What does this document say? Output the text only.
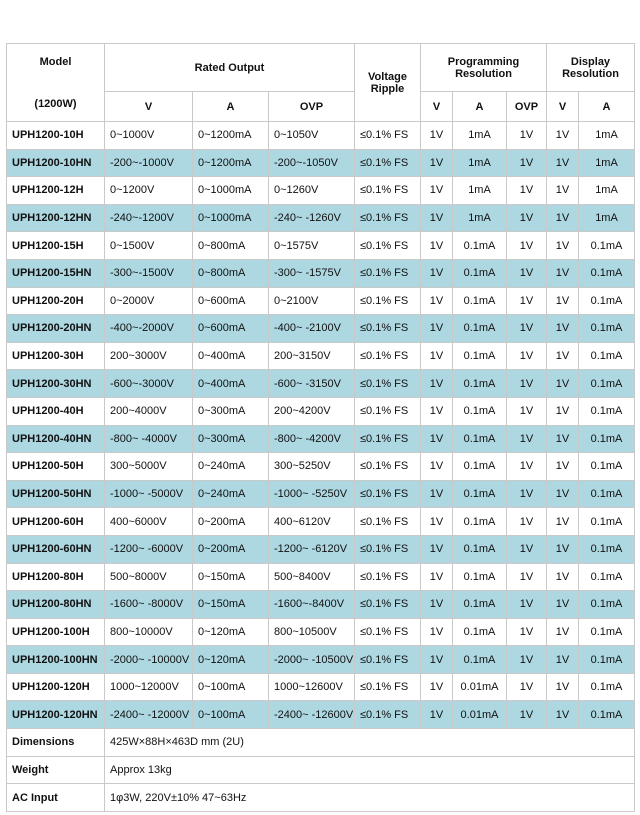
Model
(1200W)	Rated Output			Voltage Ripple	Programming Resolution			Display Resolution	
	V	A	OVP		V	A	OVP	V	A
UPH1200-10H	0~1000V	0~1200mA	0~1050V	≤0.1% FS	1V	1mA	1V	1V	1mA
UPH1200-10HN	-200~-1000V	0~1200mA	-200~-1050V	≤0.1% FS	1V	1mA	1V	1V	1mA
UPH1200-12H	0~1200V	0~1000mA	0~1260V	≤0.1% FS	1V	1mA	1V	1V	1mA
UPH1200-12HN	-240~-1200V	0~1000mA	-240~ -1260V	≤0.1% FS	1V	1mA	1V	1V	1mA
UPH1200-15H	0~1500V	0~800mA	0~1575V	≤0.1% FS	1V	0.1mA	1V	1V	0.1mA
UPH1200-15HN	-300~-1500V	0~800mA	-300~ -1575V	≤0.1% FS	1V	0.1mA	1V	1V	0.1mA
UPH1200-20H	0~2000V	0~600mA	0~2100V	≤0.1% FS	1V	0.1mA	1V	1V	0.1mA
UPH1200-20HN	-400~-2000V	0~600mA	-400~ -2100V	≤0.1% FS	1V	0.1mA	1V	1V	0.1mA
UPH1200-30H	200~3000V	0~400mA	200~3150V	≤0.1% FS	1V	0.1mA	1V	1V	0.1mA
UPH1200-30HN	-600~-3000V	0~400mA	-600~ -3150V	≤0.1% FS	1V	0.1mA	1V	1V	0.1mA
UPH1200-40H	200~4000V	0~300mA	200~4200V	≤0.1% FS	1V	0.1mA	1V	1V	0.1mA
UPH1200-40HN	-800~ -4000V	0~300mA	-800~ -4200V	≤0.1% FS	1V	0.1mA	1V	1V	0.1mA
UPH1200-50H	300~5000V	0~240mA	300~5250V	≤0.1% FS	1V	0.1mA	1V	1V	0.1mA
UPH1200-50HN	-1000~ -5000V	0~240mA	-1000~ -5250V	≤0.1% FS	1V	0.1mA	1V	1V	0.1mA
UPH1200-60H	400~6000V	0~200mA	400~6120V	≤0.1% FS	1V	0.1mA	1V	1V	0.1mA
UPH1200-60HN	-1200~ -6000V	0~200mA	-1200~ -6120V	≤0.1% FS	1V	0.1mA	1V	1V	0.1mA
UPH1200-80H	500~8000V	0~150mA	500~8400V	≤0.1% FS	1V	0.1mA	1V	1V	0.1mA
UPH1200-80HN	-1600~ -8000V	0~150mA	-1600~-8400V	≤0.1% FS	1V	0.1mA	1V	1V	0.1mA
UPH1200-100H	800~10000V	0~120mA	800~10500V	≤0.1% FS	1V	0.1mA	1V	1V	0.1mA
UPH1200-100HN	-2000~ -10000V	0~120mA	-2000~ -10500V	≤0.1% FS	1V	0.1mA	1V	1V	0.1mA
UPH1200-120H	1000~12000V	0~100mA	1000~12600V	≤0.1% FS	1V	0.01mA	1V	1V	0.1mA
UPH1200-120HN	-2400~ -12000V	0~100mA	-2400~ -12600V	≤0.1% FS	1V	0.01mA	1V	1V	0.1mA
Dimensions	425W×88H×463D mm (2U)								
Weight	Approx 13kg								
AC Input	1φ3W, 220V±10% 47~63Hz								
